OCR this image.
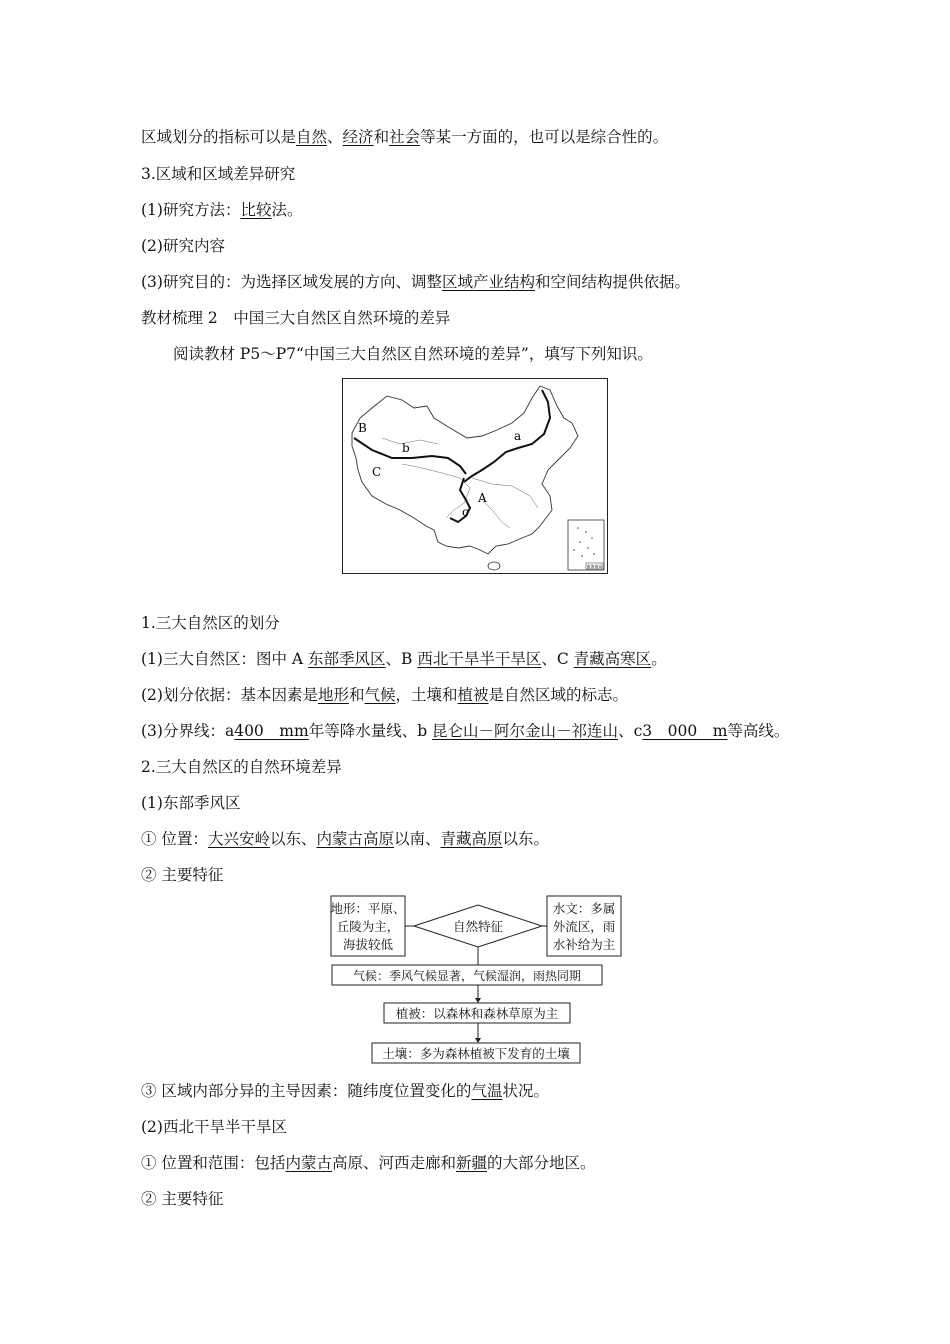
区域划分的指标可以是自然、经济和社会等某一方面的，也可以是综合性的。
3.区域和区域差异研究
(1)研究方法：比较法。
(2)研究内容
(3)研究目的：为选择区域发展的方向、调整区域产业结构和空间结构提供依据。
教材梳理 2　中国三大自然区自然环境的差异
阅读教材 P5～P7“中国三大自然区自然环境的差异”，填写下列知识。
南海诸岛
B
b
C
a
A
c
1.三大自然区的划分
(1)三大自然区：图中 A 东部季风区、B 西北干旱半干旱区、C 青藏高寒区。
(2)划分依据：基本因素是地形和气候，土壤和植被是自然区域的标志。
(3)分界线：a400　mm年等降水量线、b 昆仑山－阿尔金山－祁连山、c3　000　m等高线。
2.三大自然区的自然环境差异
(1)东部季风区
① 位置：大兴安岭以东、内蒙古高原以南、青藏高原以东。
② 主要特征
地形：平原、
丘陵为主，
海拔较低
自然特征
水文：多属
外流区，雨
水补给为主
气候：季风气候显著，气候湿润，雨热同期
植被：以森林和森林草原为主
土壤：多为森林植被下发育的土壤
③ 区域内部分异的主导因素：随纬度位置变化的气温状况。
(2)西北干旱半干旱区
① 位置和范围：包括内蒙古高原、河西走廊和新疆的大部分地区。
② 主要特征
